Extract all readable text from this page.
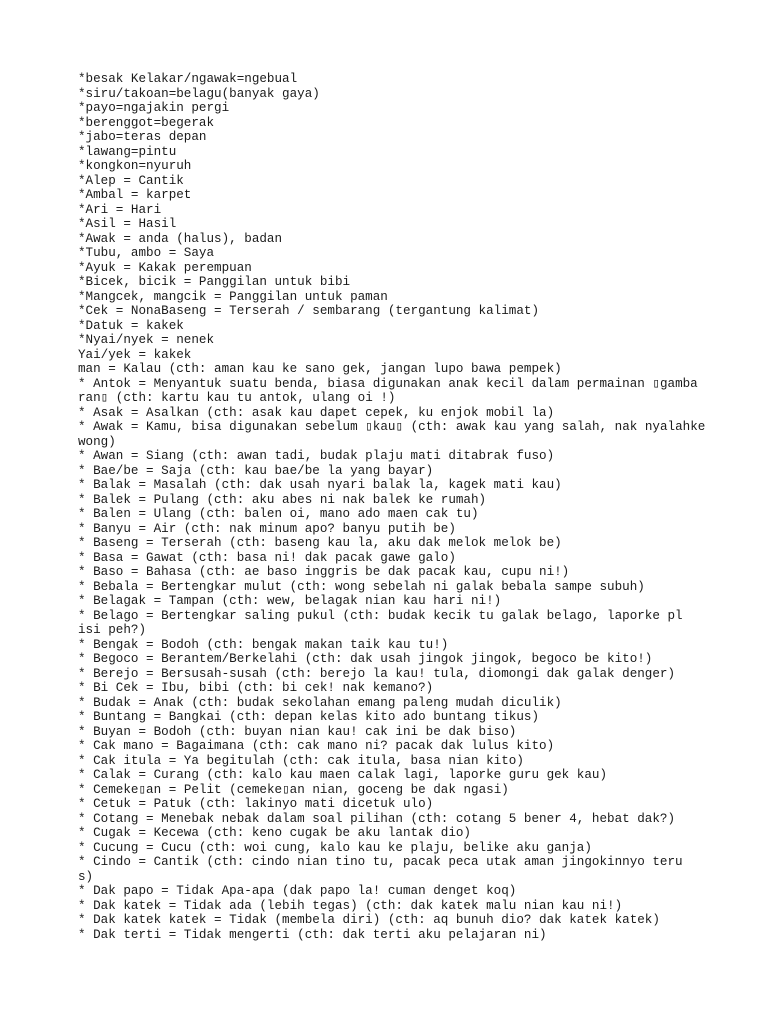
*besak Kelakar/ngawak=ngebual
*siru/takoan=belagu(banyak gaya)
*payo=ngajakin pergi
*berenggot=begerak
*jabo=teras depan
*lawang=pintu
*kongkon=nyuruh
*Alep = Cantik
*Ambal = karpet
*Ari = Hari
*Asil = Hasil
*Awak = anda (halus), badan
*Tubu, ambo = Saya
*Ayuk = Kakak perempuan
*Bicek, bicik = Panggilan untuk bibi
*Mangcek, mangcik = Panggilan untuk paman
*Cek = NonaBaseng = Terserah / sembarang (tergantung kalimat)
*Datuk = kakek
*Nyai/nyek = nenek
Yai/yek = kakek
man = Kalau (cth: aman kau ke sano gek, jangan lupo bawa pempek)
* Antok = Menyantuk suatu benda, biasa digunakan anak kecil dalam permainan ▯gamba
ran▯ (cth: kartu kau tu antok, ulang oi !)
* Asak = Asalkan (cth: asak kau dapet cepek, ku enjok mobil la)
* Awak = Kamu, bisa digunakan sebelum ▯kau▯ (cth: awak kau yang salah, nak nyalahke
wong)
* Awan = Siang (cth: awan tadi, budak plaju mati ditabrak fuso)
* Bae/be = Saja (cth: kau bae/be la yang bayar)
* Balak = Masalah (cth: dak usah nyari balak la, kagek mati kau)
* Balek = Pulang (cth: aku abes ni nak balek ke rumah)
* Balen = Ulang (cth: balen oi, mano ado maen cak tu)
* Banyu = Air (cth: nak minum apo? banyu putih be)
* Baseng = Terserah (cth: baseng kau la, aku dak melok melok be)
* Basa = Gawat (cth: basa ni! dak pacak gawe galo)
* Baso = Bahasa (cth: ae baso inggris be dak pacak kau, cupu ni!)
* Bebala = Bertengkar mulut (cth: wong sebelah ni galak bebala sampe subuh)
* Belagak = Tampan (cth: wew, belagak nian kau hari ni!)
* Belago = Bertengkar saling pukul (cth: budak kecik tu galak belago, laporke pl
isi peh?)
* Bengak = Bodoh (cth: bengak makan taik kau tu!)
* Begoco = Berantem/Berkelahi (cth: dak usah jingok jingok, begoco be kito!)
* Berejo = Bersusah-susah (cth: berejo la kau! tula, diomongi dak galak denger)
* Bi Cek = Ibu, bibi (cth: bi cek! nak kemano?)
* Budak = Anak (cth: budak sekolahan emang paleng mudah diculik)
* Buntang = Bangkai (cth: depan kelas kito ado buntang tikus)
* Buyan = Bodoh (cth: buyan nian kau! cak ini be dak biso)
* Cak mano = Bagaimana (cth: cak mano ni? pacak dak lulus kito)
* Cak itula = Ya begitulah (cth: cak itula, basa nian kito)
* Calak = Curang (cth: kalo kau maen calak lagi, laporke guru gek kau)
* Cemeke▯an = Pelit (cemeke▯an nian, goceng be dak ngasi)
* Cetuk = Patuk (cth: lakinyo mati dicetuk ulo)
* Cotang = Menebak nebak dalam soal pilihan (cth: cotang 5 bener 4, hebat dak?)
* Cugak = Kecewa (cth: keno cugak be aku lantak dio)
* Cucung = Cucu (cth: woi cung, kalo kau ke plaju, belike aku ganja)
* Cindo = Cantik (cth: cindo nian tino tu, pacak peca utak aman jingokinnyo teru
s)
* Dak papo = Tidak Apa-apa (dak papo la! cuman denget koq)
* Dak katek = Tidak ada (lebih tegas) (cth: dak katek malu nian kau ni!)
* Dak katek katek = Tidak (membela diri) (cth: aq bunuh dio? dak katek katek)
* Dak terti = Tidak mengerti (cth: dak terti aku pelajaran ni)
